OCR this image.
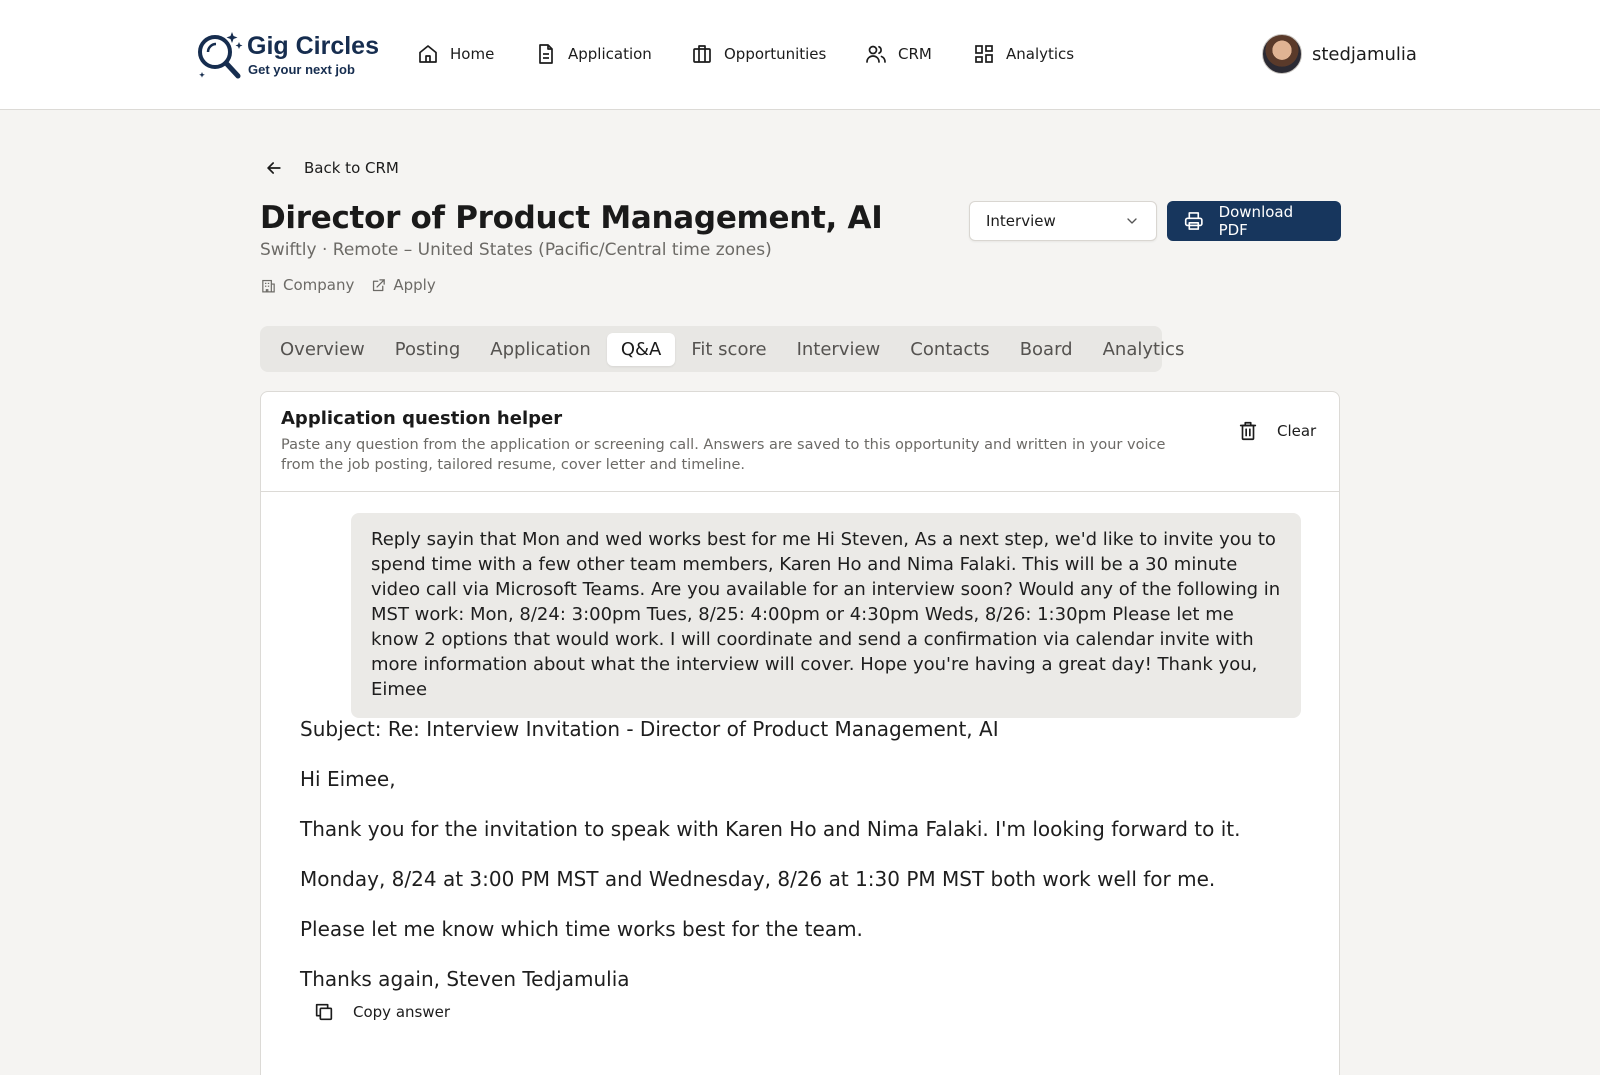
Gig Circles
Get your next job
Home	Application	Opportunities	CRM	Analytics	stedjamulia
Back to CRM
Director of Product Management, AI
Swiftly · Remote – United States (Pacific/Central time zones)
Company	Apply
Interview	Download PDF
Overview	Posting	Application	Q&A	Fit score	Interview	Contacts	Board	Analytics
Application question helper
Paste any question from the application or screening call. Answers are saved to this opportunity and written in your voice from the job posting, tailored resume, cover letter and timeline.
Clear
Reply sayin that Mon and wed works best for me Hi Steven, As a next step, we'd like to invite you to spend time with a few other team members, Karen Ho and Nima Falaki. This will be a 30 minute video call via Microsoft Teams. Are you available for an interview soon? Would any of the following in MST work: Mon, 8/24: 3:00pm Tues, 8/25: 4:00pm or 4:30pm Weds, 8/26: 1:30pm Please let me know 2 options that would work. I will coordinate and send a confirmation via calendar invite with more information about what the interview will cover. Hope you're having a great day! Thank you, Eimee

Subject: Re: Interview Invitation - Director of Product Management, AI

Hi Eimee,

Thank you for the invitation to speak with Karen Ho and Nima Falaki. I'm looking forward to it.

Monday, 8/24 at 3:00 PM MST and Wednesday, 8/26 at 1:30 PM MST both work well for me.

Please let me know which time works best for the team.

Thanks again, Steven Tedjamulia

Copy answer
